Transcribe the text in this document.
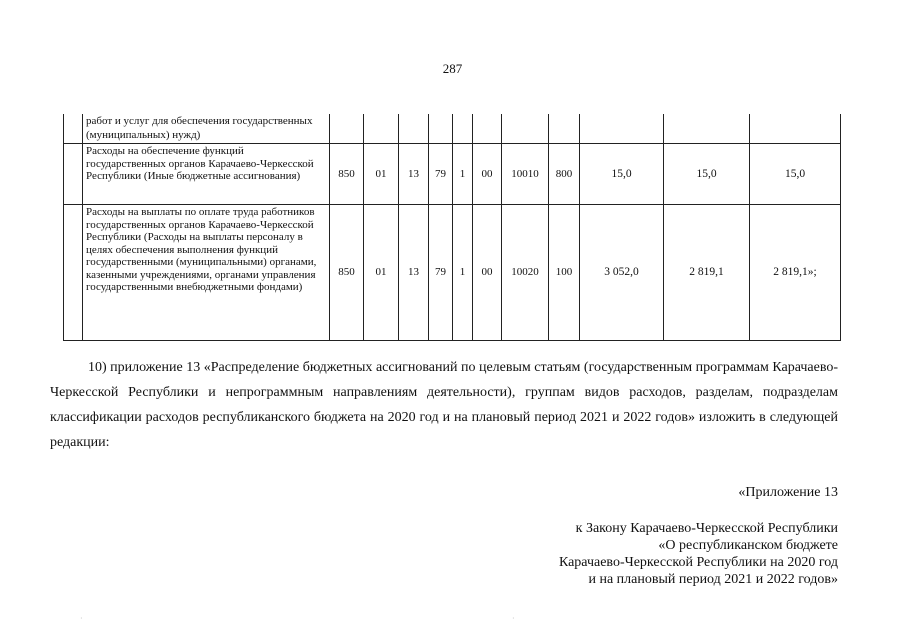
287
	работ и услуг для обеспечения государственных (муниципальных) нужд)											
	Расходы на обеспечение функций государственных органов Карачаево-Черкесской Республики (Иные бюджетные ассигнования)	850	01	13	79	1	00	10010	800	15,0	15,0	15,0
	Расходы на выплаты по оплате труда работников государственных органов Карачаево-Черкесской Республики (Расходы на выплаты персоналу в целях обеспечения выполнения функций государственными (муниципальными) органами, казенными учреждениями, органами управления государственными внебюджетными фондами)	850	01	13	79	1	00	10020	100	3 052,0	2 819,1	2 819,1»;
10) приложение 13 «Распределение бюджетных ассигнований по целевым статьям (государственным программам Карачаево-Черкесской Республики и непрограммным направлениям деятельности), группам видов расходов, разделам, подразделам классификации расходов республиканского бюджета на 2020 год и на плановый период 2021 и 2022 годов» изложить в следующей редакции:
«Приложение 13
к Закону Карачаево-Черкесской Республики
«О республиканском бюджете
Карачаево-Черкесской Республики на 2020 год
и на плановый период 2021 и 2022 годов»
·	·
